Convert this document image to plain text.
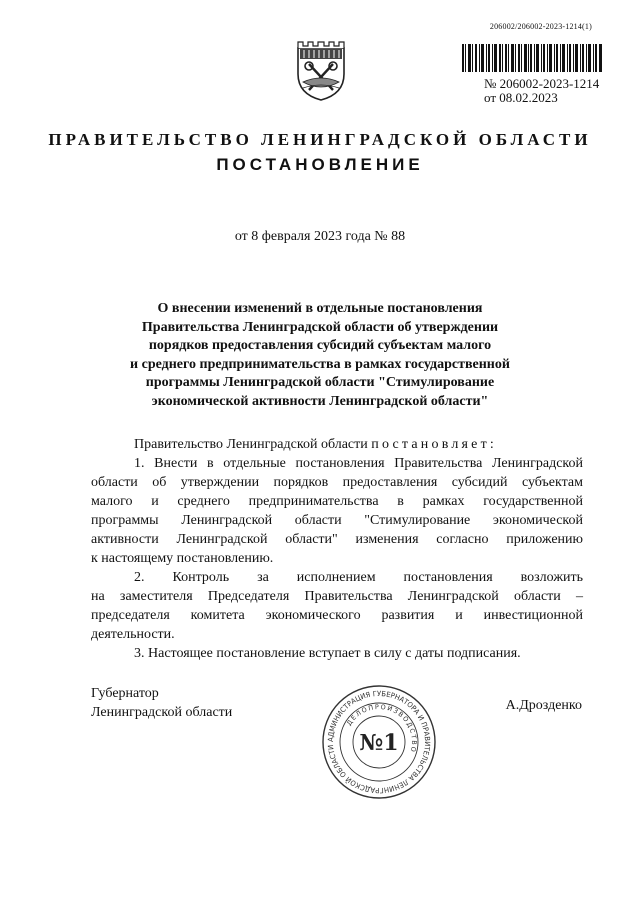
206002/206002-2023-1214(1)
№ 206002-2023-1214
от 08.02.2023
ПРАВИТЕЛЬСТВО ЛЕНИНГРАДСКОЙ ОБЛАСТИ
ПОСТАНОВЛЕНИЕ
от 8 февраля 2023 года № 88
О внесении изменений в отдельные постановления
Правительства Ленинградской области об утверждении
порядков предоставления субсидий субъектам малого
и среднего предпринимательства в рамках государственной
программы Ленинградской области "Стимулирование
экономической активности Ленинградской области"

Правительство Ленинградской области постановляет:

1. Внести в отдельные постановления Правительства Ленинградской
области об утверждении порядков предоставления субсидий субъектам
малого и среднего предпринимательства в рамках государственной
программы Ленинградской области "Стимулирование экономической
активности Ленинградской области" изменения согласно приложению
к настоящему постановлению.

2. Контроль за исполнением постановления возложить
на заместителя Председателя Правительства Ленинградской области –
председателя комитета экономического развития и инвестиционной
деятельности.

3. Настоящее постановление вступает в силу с даты подписания.

Губернатор
Ленинградской области	А.Дрозденко
АДМИНИСТРАЦИЯ ГУБЕРНАТОРА И ПРАВИТЕЛЬСТВА ЛЕНИНГРАДСКОЙ ОБЛАСТИ
ДЕЛОПРОИЗВОДСТВО
№1
